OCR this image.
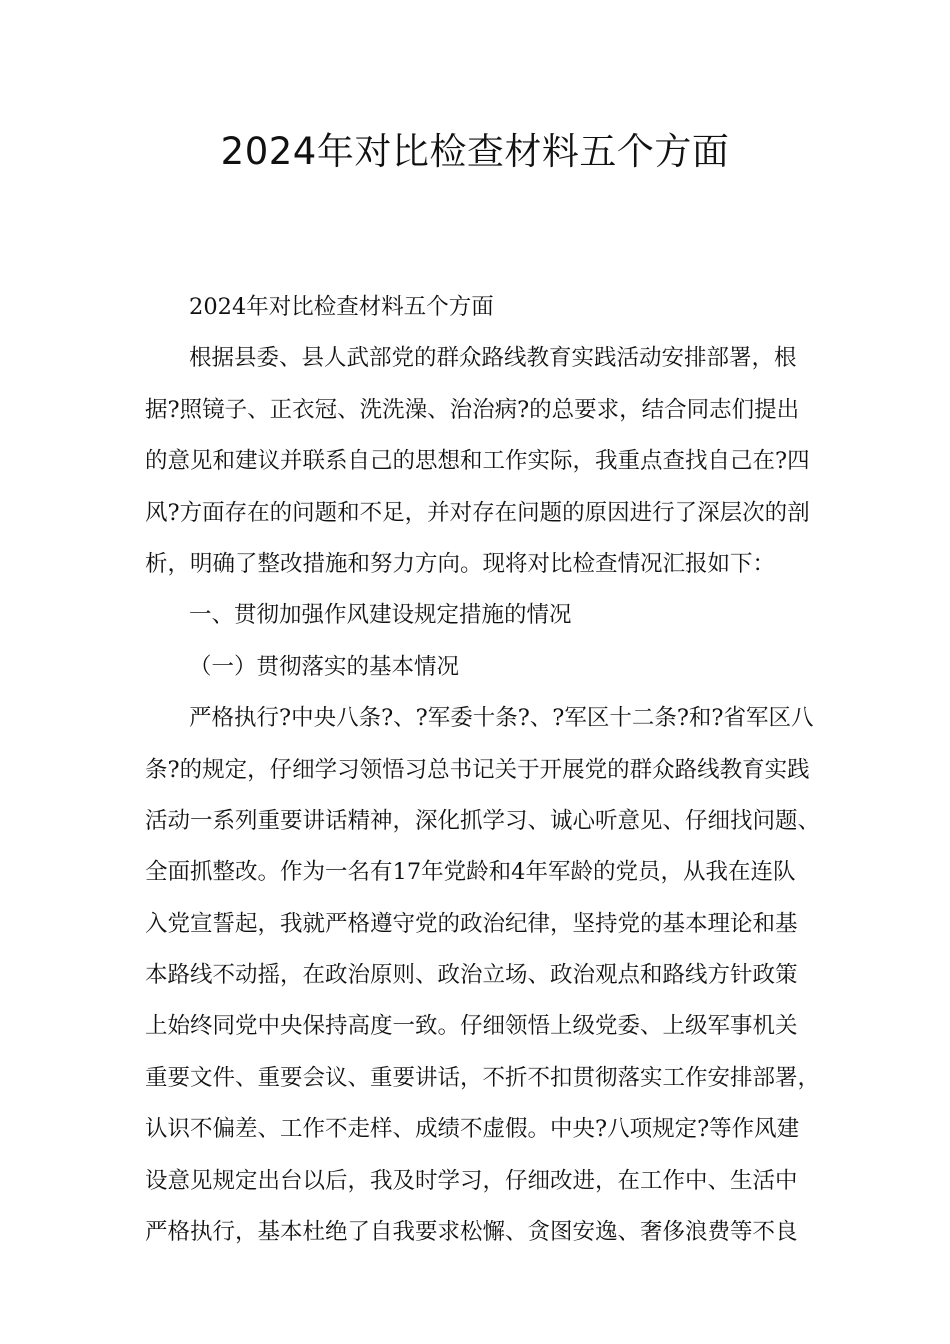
2024年对比检查材料五个方面
2024年对比检查材料五个方面
根据县委、县人武部党的群众路线教育实践活动安排部署，根
据?照镜子、正衣冠、洗洗澡、治治病?的总要求，结合同志们提出
的意见和建议并联系自己的思想和工作实际，我重点查找自己在?四
风?方面存在的问题和不足，并对存在问题的原因进行了深层次的剖
析，明确了整改措施和努力方向。现将对比检查情况汇报如下：
一、贯彻加强作风建设规定措施的情况
（一）贯彻落实的基本情况
严格执行?中央八条?、?军委十条?、?军区十二条?和?省军区八
条?的规定，仔细学习领悟习总书记关于开展党的群众路线教育实践
活动一系列重要讲话精神，深化抓学习、诚心听意见、仔细找问题、
全面抓整改。作为一名有17年党龄和4年军龄的党员，从我在连队
入党宣誓起，我就严格遵守党的政治纪律，坚持党的基本理论和基
本路线不动摇，在政治原则、政治立场、政治观点和路线方针政策
上始终同党中央保持高度一致。仔细领悟上级党委、上级军事机关
重要文件、重要会议、重要讲话，不折不扣贯彻落实工作安排部署，
认识不偏差、工作不走样、成绩不虚假。中央?八项规定?等作风建
设意见规定出台以后，我及时学习，仔细改进，在工作中、生活中
严格执行，基本杜绝了自我要求松懈、贪图安逸、奢侈浪费等不良
